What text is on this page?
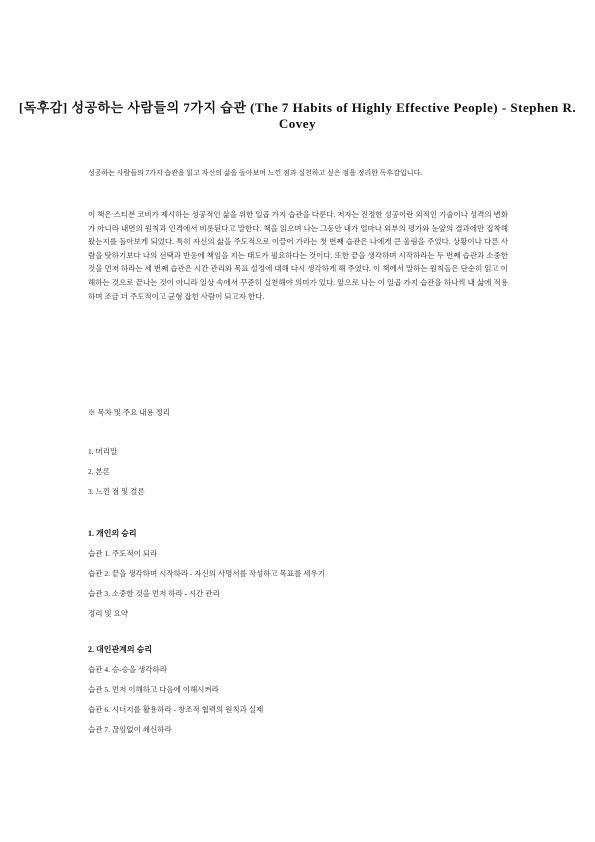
[독후감] 성공하는 사람들의 7가지 습관 (The 7 Habits of Highly Effective People) - Stephen R. Covey
성공하는 사람들의 7가지 습관을 읽고 자신의 삶을 돌아보며 느낀 점과 실천하고 싶은 점을 정리한 독후감입니다.

이 책은 스티븐 코비가 제시하는 성공적인 삶을 위한 일곱 가지 습관을 다룬다. 저자는 진정한 성공이란 외적인 기술이나 성격의 변화가 아니라 내면의 원칙과 인격에서 비롯된다고 말한다. 책을 읽으며 나는 그동안 내가 얼마나 외부의 평가와 눈앞의 결과에만 집착해 왔는지를 돌아보게 되었다. 특히 자신의 삶을 주도적으로 이끌어 가라는 첫 번째 습관은 나에게 큰 울림을 주었다. 상황이나 다른 사람을 탓하기보다 나의 선택과 반응에 책임을 지는 태도가 필요하다는 것이다. 또한 끝을 생각하며 시작하라는 두 번째 습관과 소중한 것을 먼저 하라는 세 번째 습관은 시간 관리와 목표 설정에 대해 다시 생각하게 해 주었다. 이 책에서 말하는 원칙들은 단순히 읽고 이해하는 것으로 끝나는 것이 아니라 일상 속에서 꾸준히 실천해야 의미가 있다. 앞으로 나는 이 일곱 가지 습관을 하나씩 내 삶에 적용하며 조금 더 주도적이고 균형 잡힌 사람이 되고자 한다.

※ 목차 및 주요 내용 정리
1. 머리말
2. 본론
3. 느낀 점 및 결론
1. 개인의 승리
습관 1. 주도적이 되라
습관 2. 끝을 생각하며 시작하라 - 자신의 사명서를 작성하고 목표를 세우기
습관 3. 소중한 것을 먼저 하라 - 시간 관리
정리 및 요약
2. 대인관계의 승리
습관 4. 승-승을 생각하라
습관 5. 먼저 이해하고 다음에 이해시켜라
습관 6. 시너지를 활용하라 - 창조적 협력의 원칙과 실제
습관 7. 끊임없이 쇄신하라
